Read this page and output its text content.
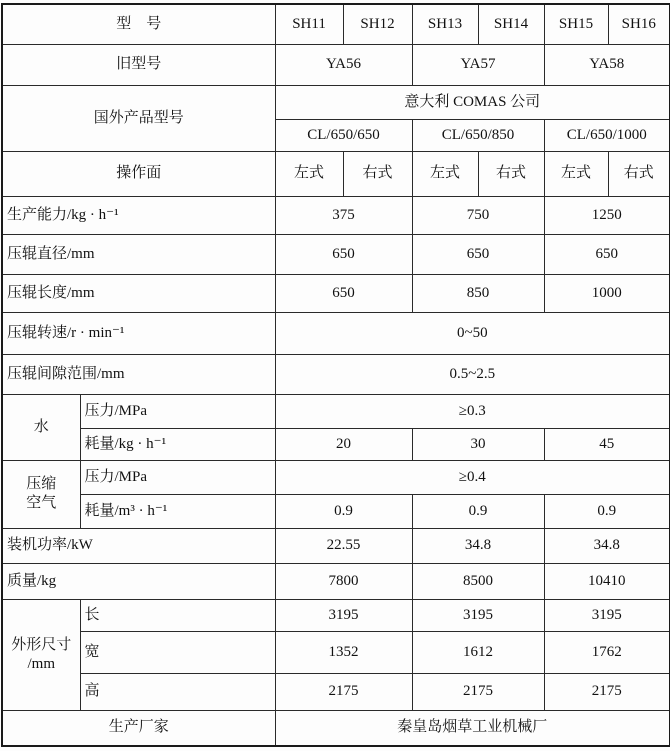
型　号		SH11	SH12	SH13	SH14	SH15	SH16
旧型号		YA56		YA57		YA58	
国外产品型号		意大利 COMAS 公司					
		CL/650/650		CL/650/850		CL/650/1000	
操作面		左式	右式	左式	右式	左式	右式
生产能力/kg · h⁻¹		375		750		1250	
压辊直径/mm		650		650		650	
压辊长度/mm		650		850		1000	
压辊转速/r · min⁻¹		0~50					
压辊间隙范围/mm		0.5~2.5					
水	压力/MPa	≥0.3					
	耗量/kg · h⁻¹	20		30		45	

压缩
空气	压力/MPa	≥0.4					
	耗量/m³ · h⁻¹	0.9		0.9		0.9	
装机功率/kW		22.55		34.8		34.8	
质量/kg		7800		8500		10410	

外形尺寸
/mm	长	3195		3195		3195	
	宽	1352		1612		1762	
	高	2175		2175		2175	
生产厂家		秦皇岛烟草工业机械厂					
